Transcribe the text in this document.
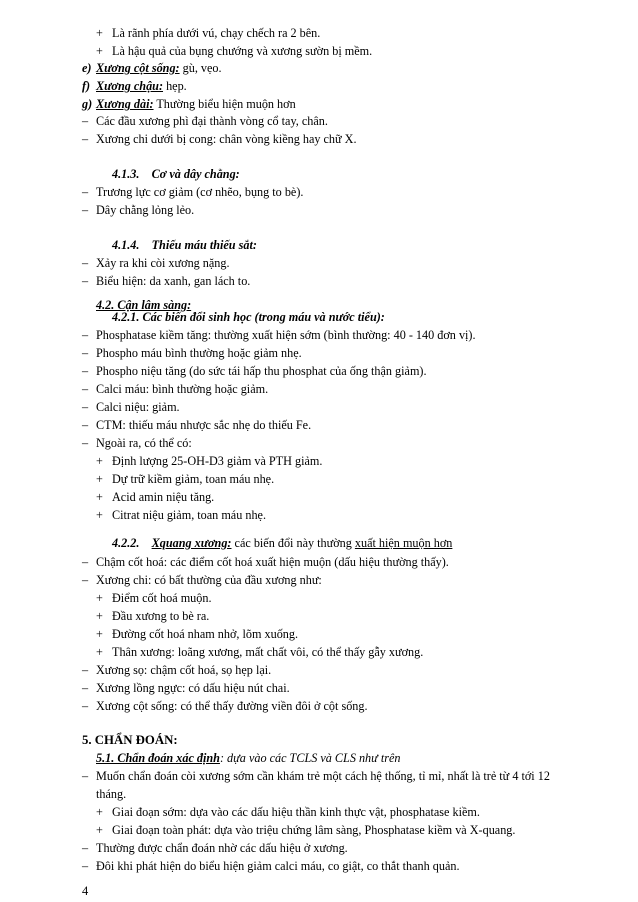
+ Là rãnh phía dưới vú, chạy chếch ra 2 bên.
+ Là hậu quả của bụng chướng và xương sườn bị mềm.
e) Xương cột sống: gù, vẹo.
f) Xương chậu: hẹp.
g) Xương dài: Thường biểu hiện muộn hơn
– Các đầu xương phì đại thành vòng cổ tay, chân.
– Xương chi dưới bị cong: chân vòng kiềng hay chữ X.
4.1.3. Cơ và dây chằng:
– Trương lực cơ giảm (cơ nhẽo, bụng to bè).
– Dây chằng lỏng lẻo.
4.1.4. Thiếu máu thiếu sắt:
– Xảy ra khi còi xương nặng.
– Biểu hiện: da xanh, gan lách to.
4.2. Cận lâm sàng:
4.2.1. Các biến đổi sinh học (trong máu và nước tiểu):
– Phosphatase kiềm tăng: thường xuất hiện sớm (bình thường: 40 - 140 đơn vị).
– Phospho máu bình thường hoặc giảm nhẹ.
– Phospho niệu tăng (do sức tái hấp thu phosphat của ống thận giảm).
– Calci máu: bình thường hoặc giảm.
– Calci niệu: giảm.
– CTM: thiếu máu nhược sắc nhẹ do thiếu Fe.
– Ngoài ra, có thể có:
+ Định lượng 25-OH-D3 giảm và PTH giảm.
+ Dự trữ kiềm giảm, toan máu nhẹ.
+ Acid amin niệu tăng.
+ Citrat niệu giảm, toan máu nhẹ.
4.2.2. Xquang xương: các biến đổi này thường xuất hiện muộn hơn
– Chậm cốt hoá: các điểm cốt hoá xuất hiện muộn (dấu hiệu thường thấy).
– Xương chi: có bất thường của đầu xương như:
+ Điểm cốt hoá muộn.
+ Đầu xương to bè ra.
+ Đường cốt hoá nham nhở, lõm xuống.
+ Thân xương: loãng xương, mất chất vôi, có thể thấy gẫy xương.
– Xương sọ: chậm cốt hoá, sọ hẹp lại.
– Xương lồng ngực: có dấu hiệu nút chai.
– Xương cột sống: có thể thấy đường viền đôi ở cột sống.
5. CHẨN ĐOÁN:
5.1. Chẩn đoán xác định: dựa vào các TCLS và CLS như trên
– Muốn chẩn đoán còi xương sớm cần khám trẻ một cách hệ thống, tỉ mỉ, nhất là trẻ từ 4 tới 12
tháng.
+ Giai đoạn sớm: dựa vào các dấu hiệu thần kinh thực vật, phosphatase kiềm.
+ Giai đoạn toàn phát: dựa vào triệu chứng lâm sàng, Phosphatase kiềm và X-quang.
– Thường được chẩn đoán nhờ các dấu hiệu ở xương.
– Đôi khi phát hiện do biểu hiện giảm calci máu, co giật, co thắt thanh quản.
4
